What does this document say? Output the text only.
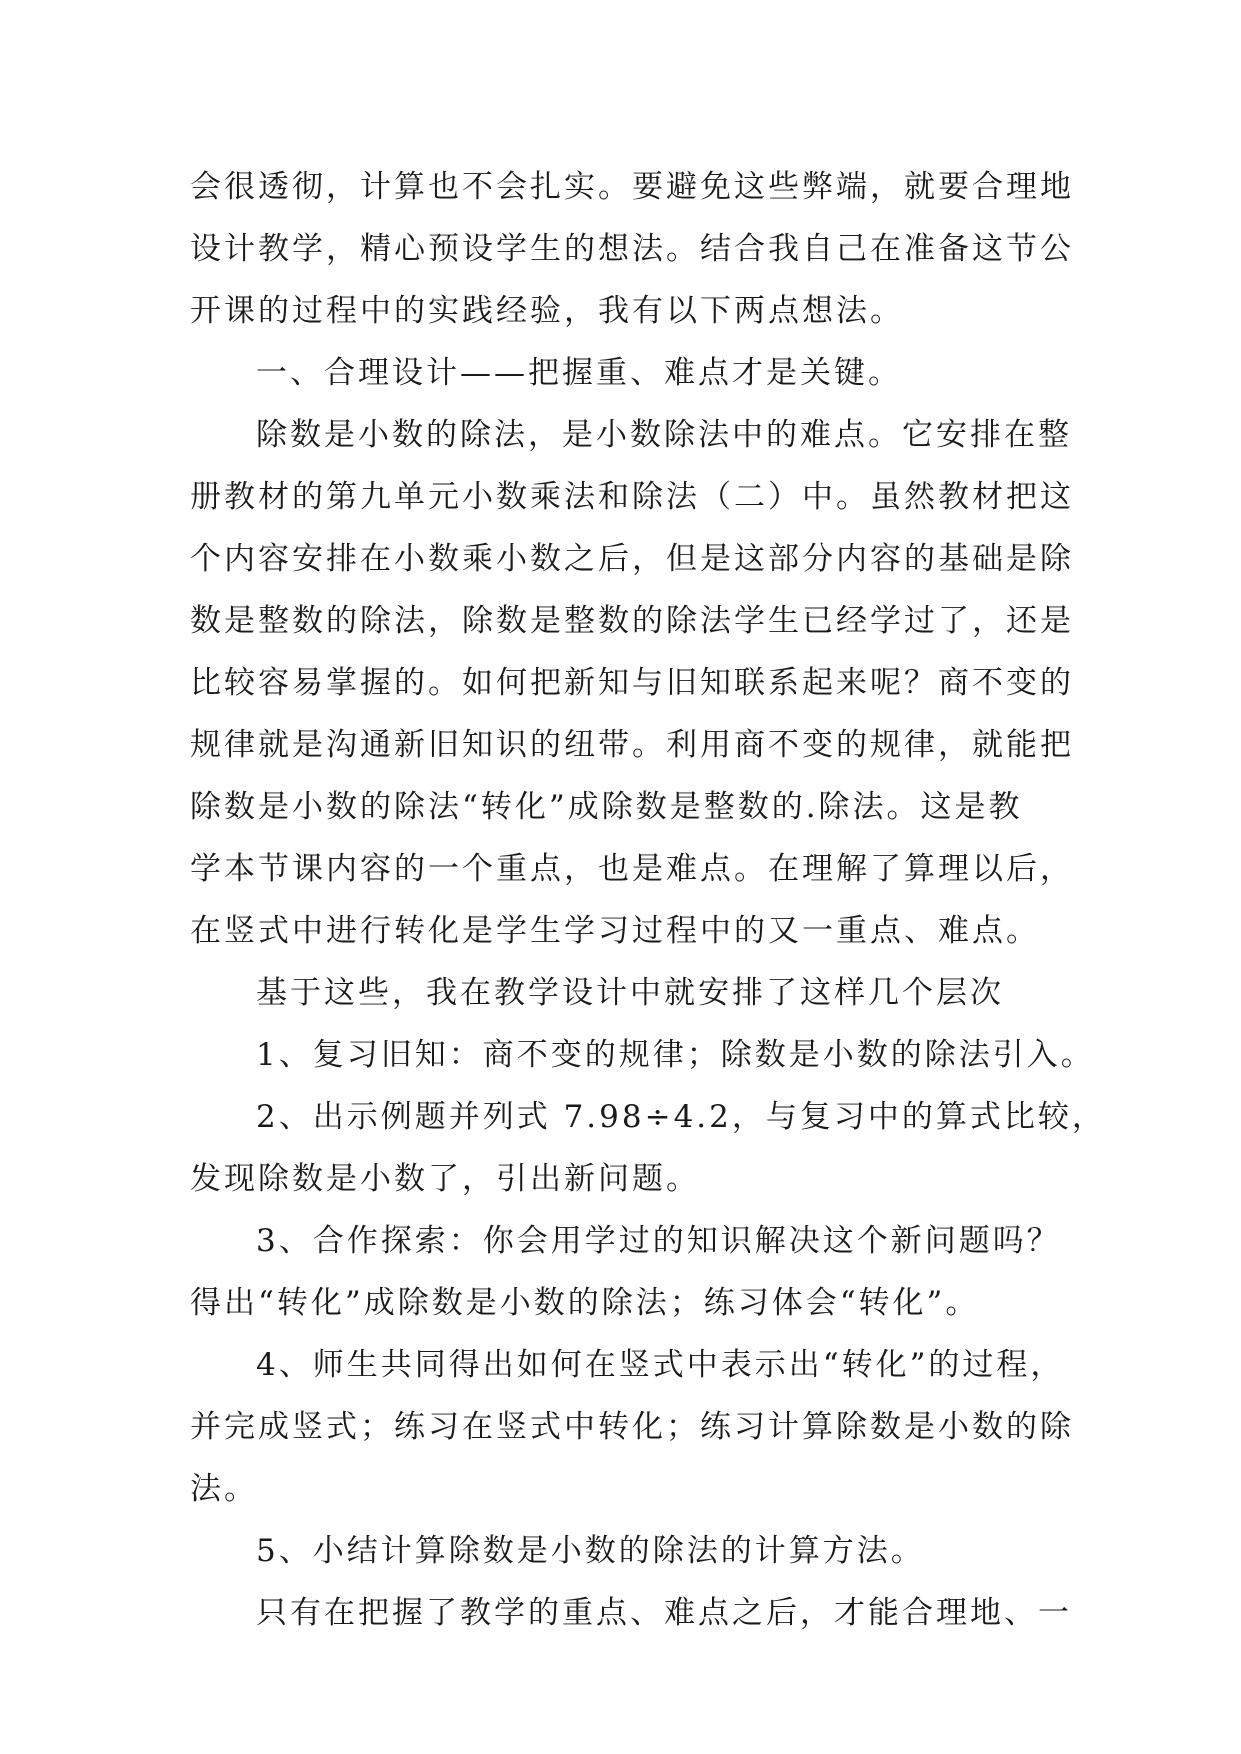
会很透彻，计算也不会扎实。要避免这些弊端，就要合理地
设计教学，精心预设学生的想法。结合我自己在准备这节公
开课的过程中的实践经验，我有以下两点想法。
一、合理设计——把握重、难点才是关键。
除数是小数的除法，是小数除法中的难点。它安排在整
册教材的第九单元小数乘法和除法（二）中。虽然教材把这
个内容安排在小数乘小数之后，但是这部分内容的基础是除
数是整数的除法，除数是整数的除法学生已经学过了，还是
比较容易掌握的。如何把新知与旧知联系起来呢？商不变的
规律就是沟通新旧知识的纽带。利用商不变的规律，就能把
除数是小数的除法“转化”成除数是整数的.除法。这是教
学本节课内容的一个重点，也是难点。在理解了算理以后，
在竖式中进行转化是学生学习过程中的又一重点、难点。
基于这些，我在教学设计中就安排了这样几个层次
1、复习旧知：商不变的规律；除数是小数的除法引入。
2、出示例题并列式 7.98÷4.2，与复习中的算式比较，
发现除数是小数了，引出新问题。
3、合作探索：你会用学过的知识解决这个新问题吗？
得出“转化”成除数是小数的除法；练习体会“转化”。
4、师生共同得出如何在竖式中表示出“转化”的过程，
并完成竖式；练习在竖式中转化；练习计算除数是小数的除
法。
5、小结计算除数是小数的除法的计算方法。
只有在把握了教学的重点、难点之后，才能合理地、一
